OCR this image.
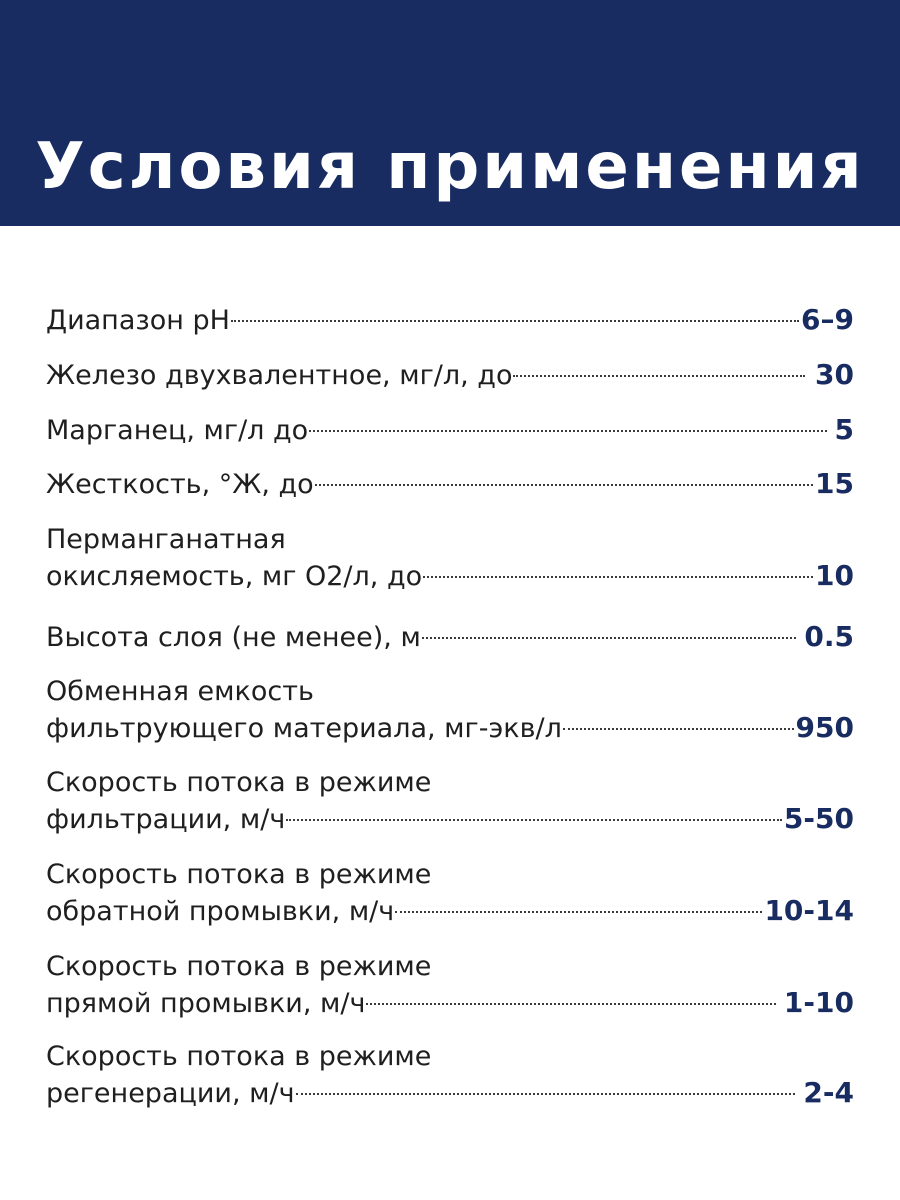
Условия применения
Диапазон pH	6–9
Железо двухвалентное, мг/л, до	30
Марганец, мг/л до	5
Жесткость, °Ж, до	15
Перманганатная
окисляемость, мг О2/л, до	10
Высота слоя (не менее), м	0.5
Обменная емкость
фильтрующего материала, мг-экв/л	950
Скорость потока в режиме
фильтрации, м/ч	5-50
Скорость потока в режиме
обратной промывки, м/ч	10-14
Скорость потока в режиме
прямой промывки, м/ч	1-10
Скорость потока в режиме
регенерации, м/ч	2-4
